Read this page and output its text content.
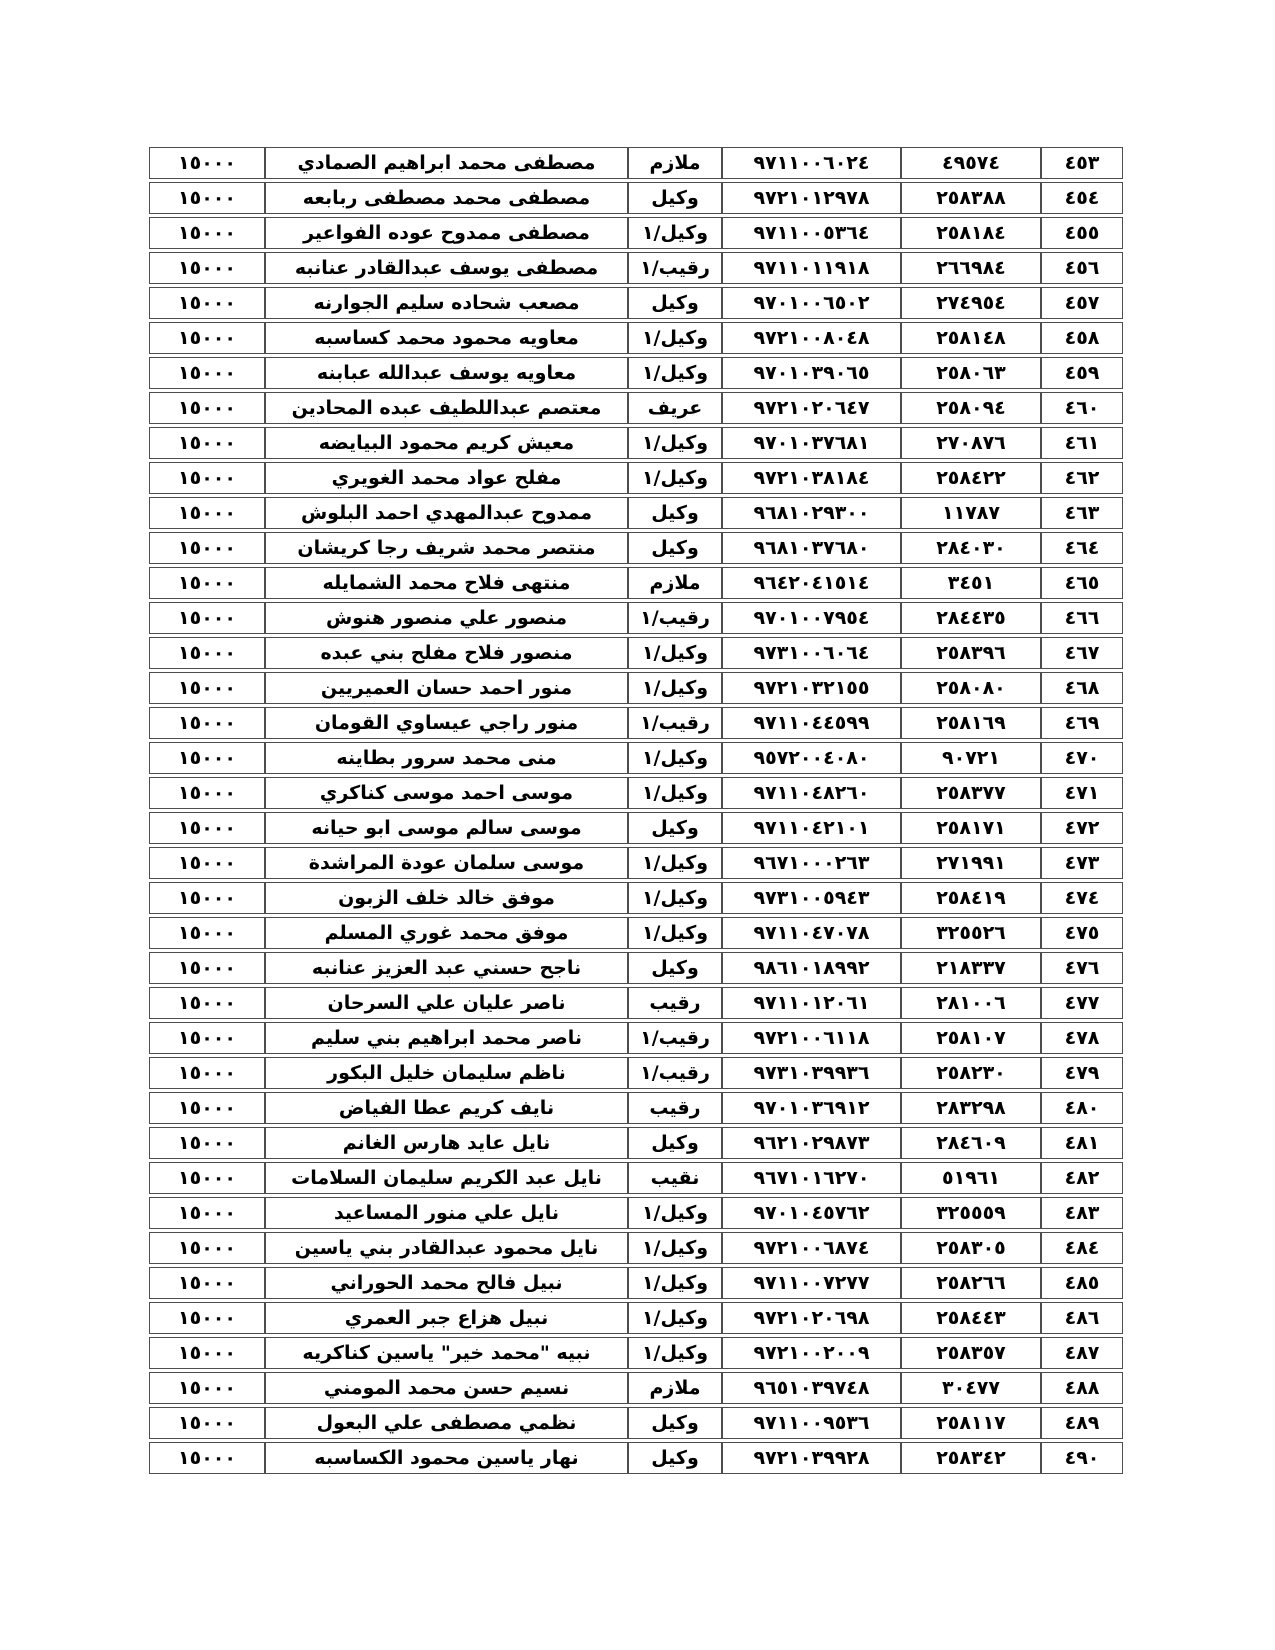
٤٥٣	٤٩٥٧٤	٩٧١١٠٠٦٠٢٤	ملازم	مصطفى محمد ابراهيم الصمادي	١٥٠٠٠
٤٥٤	٢٥٨٣٨٨	٩٧٢١٠١٢٩٧٨	وكيل	مصطفى محمد مصطفى ربابعه	١٥٠٠٠
٤٥٥	٢٥٨١٨٤	٩٧١١٠٠٥٣٦٤	وكيل/١	مصطفى ممدوح عوده الفواعير	١٥٠٠٠
٤٥٦	٢٦٦٩٨٤	٩٧١١٠١١٩١٨	رقيب/١	مصطفى يوسف عبدالقادر عنانبه	١٥٠٠٠
٤٥٧	٢٧٤٩٥٤	٩٧٠١٠٠٦٥٠٢	وكيل	مصعب شحاده سليم الجوارنه	١٥٠٠٠
٤٥٨	٢٥٨١٤٨	٩٧٢١٠٠٨٠٤٨	وكيل/١	معاويه محمود محمد كساسبه	١٥٠٠٠
٤٥٩	٢٥٨٠٦٣	٩٧٠١٠٣٩٠٦٥	وكيل/١	معاويه يوسف عبدالله عبابنه	١٥٠٠٠
٤٦٠	٢٥٨٠٩٤	٩٧٢١٠٢٠٦٤٧	عريف	معتصم عبداللطيف عبده المحادين	١٥٠٠٠
٤٦١	٢٧٠٨٧٦	٩٧٠١٠٣٧٦٨١	وكيل/١	معيش كريم محمود البيايضه	١٥٠٠٠
٤٦٢	٢٥٨٤٢٢	٩٧٢١٠٣٨١٨٤	وكيل/١	مفلح عواد محمد الغويري	١٥٠٠٠
٤٦٣	١١٧٨٧	٩٦٨١٠٢٩٣٠٠	وكيل	ممدوح عبدالمهدي احمد البلوش	١٥٠٠٠
٤٦٤	٢٨٤٠٣٠	٩٦٨١٠٣٧٦٨٠	وكيل	منتصر محمد شريف رجا كريشان	١٥٠٠٠
٤٦٥	٣٤٥١	٩٦٤٢٠٤١٥١٤	ملازم	منتهى فلاح محمد الشمايله	١٥٠٠٠
٤٦٦	٢٨٤٤٣٥	٩٧٠١٠٠٧٩٥٤	رقيب/١	منصور علي منصور هنوش	١٥٠٠٠
٤٦٧	٢٥٨٣٩٦	٩٧٣١٠٠٦٠٦٤	وكيل/١	منصور فلاح مفلح بني عبده	١٥٠٠٠
٤٦٨	٢٥٨٠٨٠	٩٧٢١٠٣٢١٥٥	وكيل/١	منور احمد حسان العميريين	١٥٠٠٠
٤٦٩	٢٥٨١٦٩	٩٧١١٠٤٤٥٩٩	رقيب/١	منور راجي عيساوي القومان	١٥٠٠٠
٤٧٠	٩٠٧٢١	٩٥٧٢٠٠٤٠٨٠	وكيل/١	منى محمد سرور بطاينه	١٥٠٠٠
٤٧١	٢٥٨٣٧٧	٩٧١١٠٤٨٢٦٠	وكيل/١	موسى احمد موسى كناكري	١٥٠٠٠
٤٧٢	٢٥٨١٧١	٩٧١١٠٤٢١٠١	وكيل	موسى سالم موسى ابو حيانه	١٥٠٠٠
٤٧٣	٢٧١٩٩١	٩٦٧١٠٠٠٢٦٣	وكيل/١	موسى سلمان عودة المراشدة	١٥٠٠٠
٤٧٤	٢٥٨٤١٩	٩٧٣١٠٠٥٩٤٣	وكيل/١	موفق خالد خلف الزبون	١٥٠٠٠
٤٧٥	٣٢٥٥٢٦	٩٧١١٠٤٧٠٧٨	وكيل/١	موفق محمد غوري المسلم	١٥٠٠٠
٤٧٦	٢١٨٣٣٧	٩٨٦١٠١٨٩٩٢	وكيل	ناجح حسني عبد العزيز عنانبه	١٥٠٠٠
٤٧٧	٢٨١٠٠٦	٩٧١١٠١٢٠٦١	رقيب	ناصر عليان علي السرحان	١٥٠٠٠
٤٧٨	٢٥٨١٠٧	٩٧٢١٠٠٦١١٨	رقيب/١	ناصر محمد ابراهيم بني سليم	١٥٠٠٠
٤٧٩	٢٥٨٢٣٠	٩٧٣١٠٣٩٩٣٦	رقيب/١	ناظم سليمان خليل البكور	١٥٠٠٠
٤٨٠	٢٨٣٢٩٨	٩٧٠١٠٣٦٩١٢	رقيب	نايف كريم عطا الفياض	١٥٠٠٠
٤٨١	٢٨٤٦٠٩	٩٦٢١٠٢٩٨٧٣	وكيل	نايل عايد هارس الغانم	١٥٠٠٠
٤٨٢	٥١٩٦١	٩٦٧١٠١٦٢٧٠	نقيب	نايل عبد الكريم سليمان السلامات	١٥٠٠٠
٤٨٣	٣٢٥٥٥٩	٩٧٠١٠٤٥٧٦٢	وكيل/١	نايل علي منور المساعيد	١٥٠٠٠
٤٨٤	٢٥٨٣٠٥	٩٧٢١٠٠٦٨٧٤	وكيل/١	نايل محمود عبدالقادر بني ياسين	١٥٠٠٠
٤٨٥	٢٥٨٢٦٦	٩٧١١٠٠٧٢٧٧	وكيل/١	نبيل فالح محمد الحوراني	١٥٠٠٠
٤٨٦	٢٥٨٤٤٣	٩٧٢١٠٢٠٦٩٨	وكيل/١	نبيل هزاع جبر العمري	١٥٠٠٠
٤٨٧	٢٥٨٣٥٧	٩٧٢١٠٠٢٠٠٩	وكيل/١	نبيه "محمد خير" ياسين كناكريه	١٥٠٠٠
٤٨٨	٣٠٤٧٧	٩٦٥١٠٣٩٧٤٨	ملازم	نسيم حسن محمد المومني	١٥٠٠٠
٤٨٩	٢٥٨١١٧	٩٧١١٠٠٩٥٣٦	وكيل	نظمي مصطفى علي البعول	١٥٠٠٠
٤٩٠	٢٥٨٣٤٢	٩٧٢١٠٣٩٩٢٨	وكيل	نهار ياسين محمود الكساسبه	١٥٠٠٠
